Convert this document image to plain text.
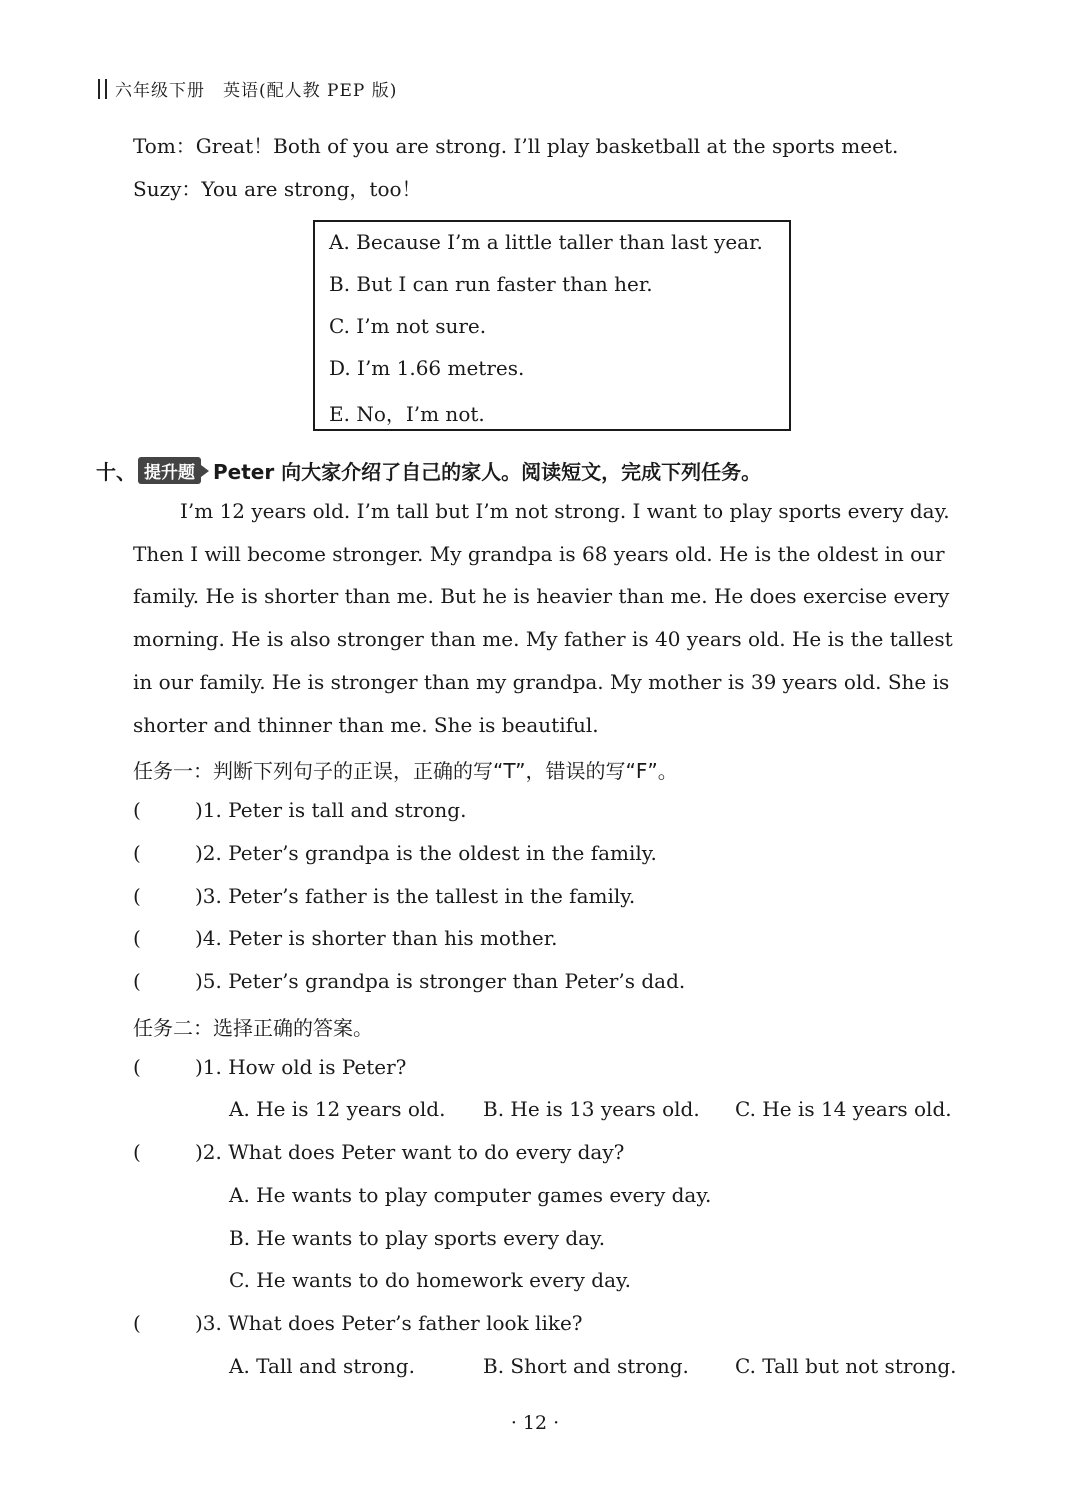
六年级下册　英语(配人教 PEP 版)
Tom：Great！Both of you are strong. I’ll play basketball at the sports meet.
Suzy：You are strong，too！
A. Because I’m a little taller than last year.
B. But I can run faster than her.
C. I’m not sure.
D. I’m 1.66 metres.
E. No，I’m not.
十、 提升题 Peter 向大家介绍了自己的家人。阅读短文，完成下列任务。
I’m 12 years old. I’m tall but I’m not strong. I want to play sports every day.
Then I will become stronger. My grandpa is 68 years old. He is the oldest in our
family. He is shorter than me. But he is heavier than me. He does exercise every
morning. He is also stronger than me. My father is 40 years old. He is the tallest
in our family. He is stronger than my grandpa. My mother is 39 years old. She is
shorter and thinner than me. She is beautiful.
任务一：判断下列句子的正误，正确的写“T”，错误的写“F”。
(	)1. Peter is tall and strong.
(	)2. Peter’s grandpa is the oldest in the family.
(	)3. Peter’s father is the tallest in the family.
(	)4. Peter is shorter than his mother.
(	)5. Peter’s grandpa is stronger than Peter’s dad.
任务二：选择正确的答案。
(	)1. How old is Peter?
A. He is 12 years old. B. He is 13 years old. C. He is 14 years old.
(	)2. What does Peter want to do every day?
A. He wants to play computer games every day.
B. He wants to play sports every day.
C. He wants to do homework every day.
(	)3. What does Peter’s father look like?
A. Tall and strong.	B. Short and strong. C. Tall but not strong.
· 12 ·
